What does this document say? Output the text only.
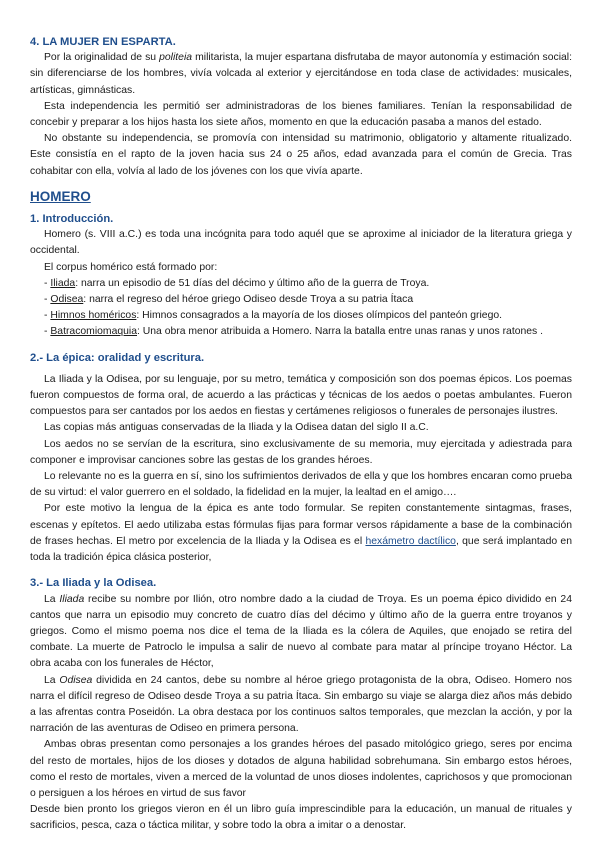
4. LA MUJER EN ESPARTA.

Por la originalidad de su politeia militarista, la mujer espartana disfrutaba de mayor autonomía y estimación social: sin diferenciarse de los hombres, vivía volcada al exterior y ejercitándose en toda clase de actividades: musicales, artísticas, gimnásticas.

Esta independencia les permitió ser administradoras de los bienes familiares. Tenían la responsabilidad de concebir y preparar a los hijos hasta los siete años, momento en que la educación pasaba a manos del estado.

No obstante su independencia, se promovía con intensidad su matrimonio, obligatorio y altamente ritualizado. Este consistía en el rapto de la joven hacia sus 24 o 25 años, edad avanzada para el común de Grecia. Tras cohabitar con ella, volvía al lado de los jóvenes con los que vivía aparte.

HOMERO

1. Introducción.

Homero (s. VIII a.C.) es toda una incógnita para todo aquél que se aproxime al iniciador de la literatura griega y occidental.

El corpus homérico está formado por:

- Iliada: narra un episodio de 51 días del décimo y último año de la guerra de Troya.

- Odisea: narra el regreso del héroe griego Odiseo desde Troya a su patria Ítaca

- Himnos homéricos: Himnos consagrados a la mayoría de los dioses olímpicos del panteón griego.

- Batracomiomaquia: Una obra menor atribuida a Homero. Narra la batalla entre unas ranas y unos ratones .

2.- La épica: oralidad y escritura.

La Iliada y la Odisea, por su lenguaje, por su metro, temática y composición son dos poemas épicos. Los poemas fueron compuestos de forma oral, de acuerdo a las prácticas y técnicas de los aedos o poetas ambulantes. Fueron compuestos para ser cantados por los aedos en fiestas y certámenes religiosos o funerales de personajes ilustres.

Las copias más antiguas conservadas de la Iliada y la Odisea datan del siglo II a.C.

Los aedos no se servían de la escritura, sino exclusivamente de su memoria, muy ejercitada y adiestrada para componer e improvisar canciones sobre las gestas de los grandes héroes.

Lo relevante no es la guerra en sí, sino los sufrimientos derivados de ella y que los hombres encaran como prueba de su virtud: el valor guerrero en el soldado, la fidelidad en la mujer, la lealtad en el amigo….

Por este motivo la lengua de la épica es ante todo formular. Se repiten constantemente sintagmas, frases, escenas y epítetos. El aedo utilizaba estas fórmulas fijas para formar versos rápidamente a base de la combinación de frases hechas. El metro por excelencia de la Iliada y la Odisea es el hexámetro dactílico, que será implantado en toda la tradición épica clásica posterior,

3.- La Iliada y la Odisea.

La Iliada recibe su nombre por Ilión, otro nombre dado a la ciudad de Troya. Es un poema épico dividido en 24 cantos que narra un episodio muy concreto de cuatro días del décimo y último año de la guerra entre troyanos y griegos. Como el mismo poema nos dice el tema de la Iliada es la cólera de Aquiles, que enojado se retira del combate. La muerte de Patroclo le impulsa a salir de nuevo al combate para matar al príncipe troyano Héctor. La obra acaba con los funerales de Héctor,

La Odisea dividida en 24 cantos, debe su nombre al héroe griego protagonista de la obra, Odiseo. Homero nos narra el difícil regreso de Odiseo desde Troya a su patria Ítaca. Sin embargo su viaje se alarga diez años más debido a las afrentas contra Poseidón. La obra destaca por los continuos saltos temporales, que mezclan la acción, y por la narración de las aventuras de Odiseo en primera persona.

Ambas obras presentan como personajes a los grandes héroes del pasado mitológico griego, seres por encima del resto de mortales, hijos de los dioses y dotados de alguna habilidad sobrehumana. Sin embargo estos héroes, como el resto de mortales, viven a merced de la voluntad de unos dioses indolentes, caprichosos y que promocionan o persiguen a los héroes en virtud de sus favor

Desde bien pronto los griegos vieron en él un libro guía imprescindible para la educación, un manual de rituales y sacrificios, pesca, caza o táctica militar, y sobre todo la obra a imitar o a denostar.
